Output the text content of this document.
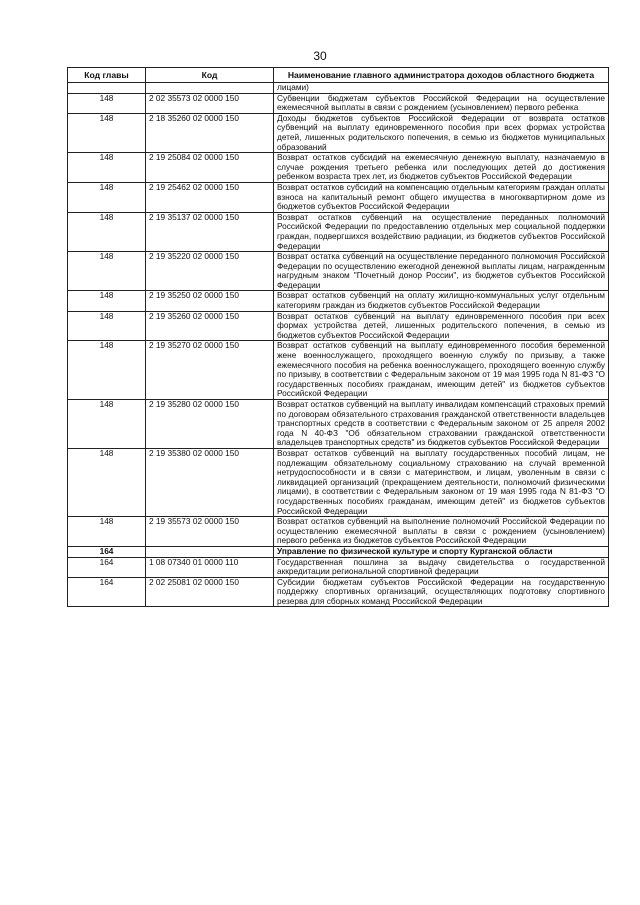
30
Код главы	Код	Наименование главного администратора доходов областного бюджета
		лицами)
148	2 02 35573 02 0000 150	Субвенции бюджетам субъектов Российской Федерации на осуществление ежемесячной выплаты в связи с рождением (усыновлением) первого ребенка
148	2 18 35260 02 0000 150	Доходы бюджетов субъектов Российской Федерации от возврата остатков субвенций на выплату единовременного пособия при всех формах устройства детей, лишенных родительского попечения, в семью из бюджетов муниципальных образований
148	2 19 25084 02 0000 150	Возврат остатков субсидий на ежемесячную денежную выплату, назначаемую в случае рождения третьего ребенка или последующих детей до достижения ребенком возраста трех лет, из бюджетов субъектов Российской Федерации
148	2 19 25462 02 0000 150	Возврат остатков субсидий на компенсацию отдельным категориям граждан оплаты взноса на капитальный ремонт общего имущества в многоквартирном доме из бюджетов субъектов Российской Федерации
148	2 19 35137 02 0000 150	Возврат остатков субвенций на осуществление переданных полномочий Российской Федерации по предоставлению отдельных мер социальной поддержки граждан, подвергшихся воздействию радиации, из бюджетов субъектов Российской Федерации
148	2 19 35220 02 0000 150	Возврат остатка субвенций на осуществление переданного полномочия Российской Федерации по осуществлению ежегодной денежной выплаты лицам, награжденным нагрудным знаком "Почетный донор России", из бюджетов субъектов Российской Федерации
148	2 19 35250 02 0000 150	Возврат остатков субвенций на оплату жилищно-коммунальных услуг отдельным категориям граждан из бюджетов субъектов Российской Федерации
148	2 19 35260 02 0000 150	Возврат остатков субвенций на выплату единовременного пособия при всех формах устройства детей, лишенных родительского попечения, в семью из бюджетов субъектов Российской Федерации
148	2 19 35270 02 0000 150	Возврат остатков субвенций на выплату единовременного пособия беременной жене военнослужащего, проходящего военную службу по призыву, а также ежемесячного пособия на ребенка военнослужащего, проходящего военную службу по призыву, в соответствии с Федеральным законом от 19 мая 1995 года N 81-ФЗ "О государственных пособиях гражданам, имеющим детей" из бюджетов субъектов Российской Федерации
148	2 19 35280 02 0000 150	Возврат остатков субвенций на выплату инвалидам компенсаций страховых премий по договорам обязательного страхования гражданской ответственности владельцев транспортных средств в соответствии с Федеральным законом от 25 апреля 2002 года N 40-ФЗ "Об обязательном страховании гражданской ответственности владельцев транспортных средств" из бюджетов субъектов Российской Федерации
148	2 19 35380 02 0000 150	Возврат остатков субвенций на выплату государственных пособий лицам, не подлежащим обязательному социальному страхованию на случай временной нетрудоспособности и в связи с материнством, и лицам, уволенным в связи с ликвидацией организаций (прекращением деятельности, полномочий физическими лицами), в соответствии с Федеральным законом от 19 мая 1995 года N 81-ФЗ "О государственных пособиях гражданам, имеющим детей" из бюджетов субъектов Российской Федерации
148	2 19 35573 02 0000 150	Возврат остатков субвенций на выполнение полномочий Российской Федерации по осуществлению ежемесячной выплаты в связи с рождением (усыновлением) первого ребенка из бюджетов субъектов Российской Федерации
164		Управление по физической культуре и спорту Курганской области
164	1 08 07340 01 0000 110	Государственная пошлина за выдачу свидетельства о государственной аккредитации региональной спортивной федерации
164	2 02 25081 02 0000 150	Субсидии бюджетам субъектов Российской Федерации на государственную поддержку спортивных организаций, осуществляющих подготовку спортивного резерва для сборных команд Российской Федерации
